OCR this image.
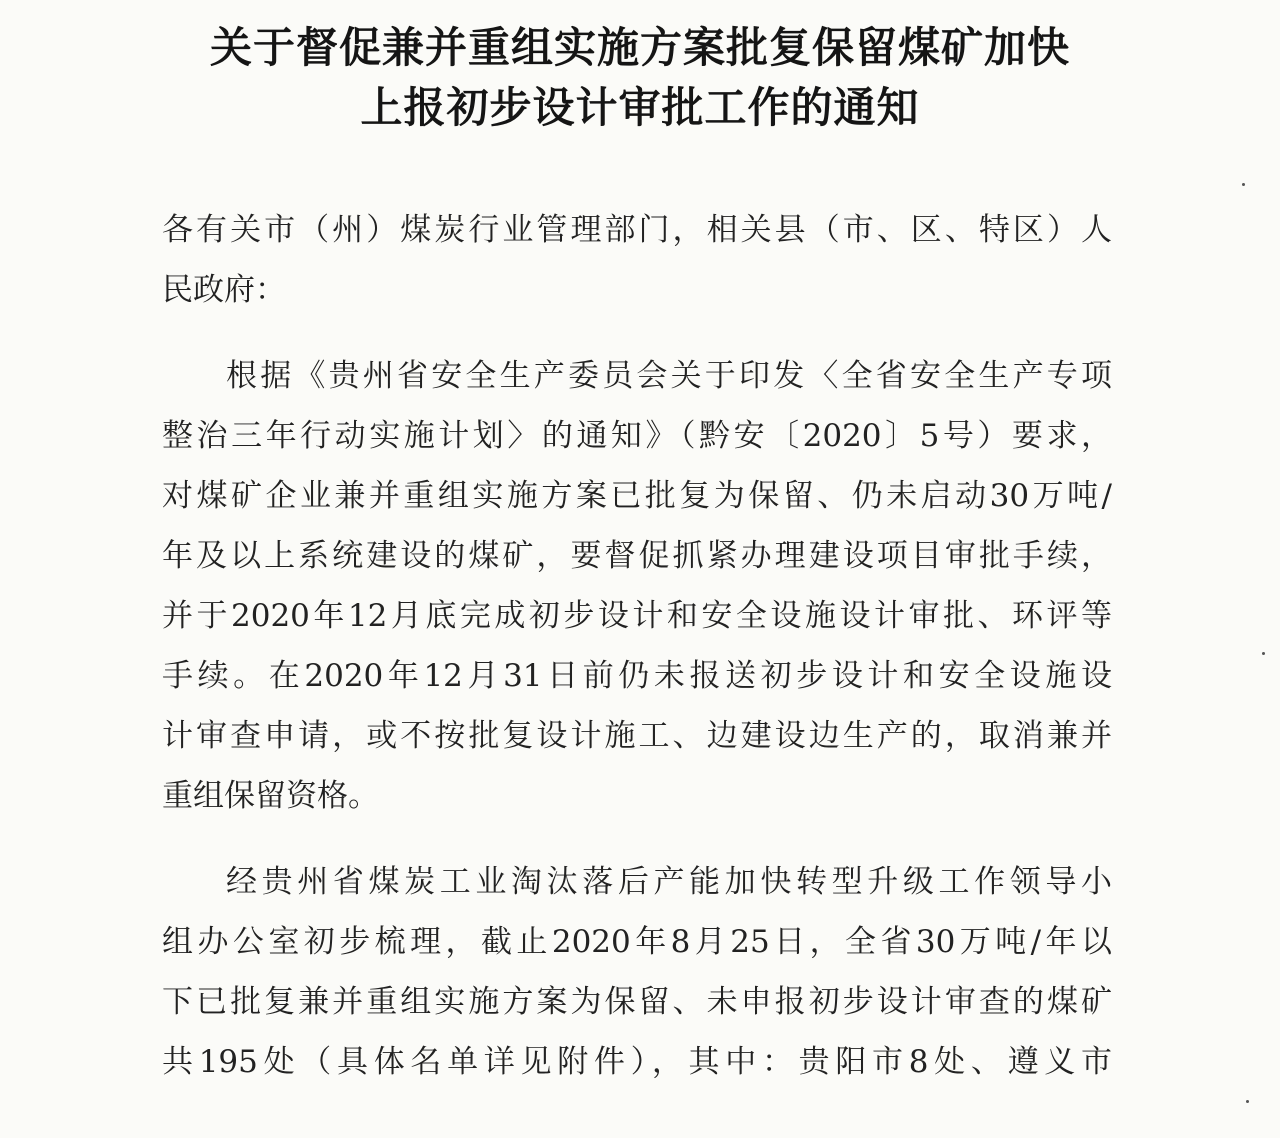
关于督促兼并重组实施方案批复保留煤矿加快
上报初步设计审批工作的通知
各有关市（州）煤炭行业管理部门，相关县（市、区、特区）人
民政府：
根据《贵州省安全生产委员会关于印发〈全省安全生产专项
整治三年行动实施计划〉的通知》（黔安〔2020〕5号）要求，
对煤矿企业兼并重组实施方案已批复为保留、仍未启动30万吨/
年及以上系统建设的煤矿，要督促抓紧办理建设项目审批手续，
并于2020年12月底完成初步设计和安全设施设计审批、环评等
手续。在2020年12月31日前仍未报送初步设计和安全设施设
计审查申请，或不按批复设计施工、边建设边生产的，取消兼并
重组保留资格。
经贵州省煤炭工业淘汰落后产能加快转型升级工作领导小
组办公室初步梳理，截止2020年8月25日，全省30万吨/年以
下已批复兼并重组实施方案为保留、未申报初步设计审查的煤矿
共195处（具体名单详见附件），其中：贵阳市8处、遵义市
